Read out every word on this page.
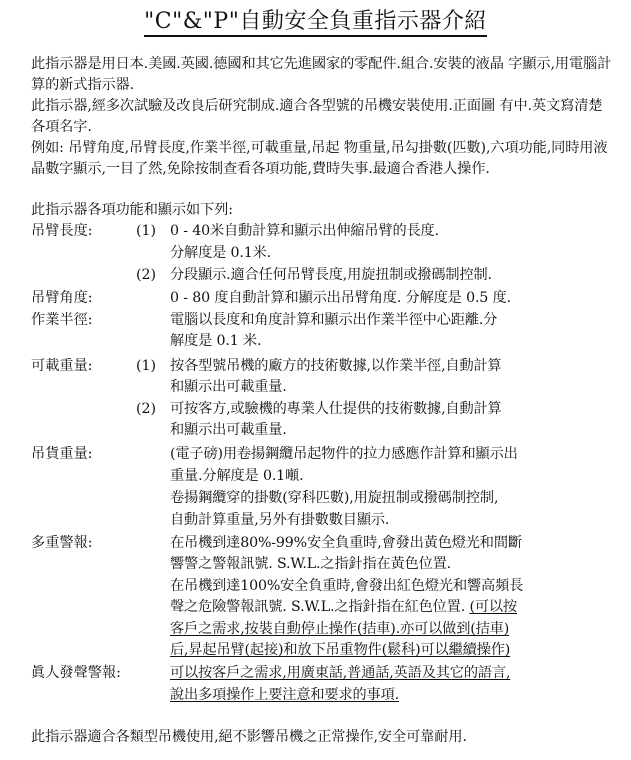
"C"&"P"自動安全負重指示器介紹
此指示器是用日本.美國.英國.德國和其它先進國家的零配件.組合.安裝的液晶 字顯示,用電腦計算的新式指示器.
此指示器,經多次試驗及改良后研究制成.適合各型號的吊機安裝使用.正面圖 有中.英文寫清楚各項名字.
例如: 吊臂角度,吊臂長度,作業半徑,可載重量,吊起 物重量,吊勾掛數(匹數),六項功能,同時用液晶數字顯示,一目了然,免除按制查看各項功能,費時失事.最適合香港人操作.
此指示器各項功能和顯示如下列:
吊臂長度:	(1) 0 - 40米自動計算和顯示出伸縮吊臂的長度.
分解度是 0.1米.
(2) 分段顯示.適合任何吊臂長度,用旋扭制或撥碼制控制.
吊臂角度:	0 - 80 度自動計算和顯示出吊臂角度. 分解度是 0.5 度.
作業半徑:	電腦以長度和角度計算和顯示出作業半徑中心距離.分
解度是 0.1 米.
可載重量:	(1) 按各型號吊機的廠方的技術數據,以作業半徑,自動計算
和顯示出可載重量.
(2) 可按客方,或驗機的專業人仕提供的技術數據,自動計算
和顯示出可載重量.
吊貨重量:	(電子磅)用卷揚鋼纜吊起物件的拉力感應作計算和顯示出
重量.分解度是 0.1噸.
卷揚鋼纜穿的掛數(穿科匹數),用旋扭制或撥碼制控制,
自動計算重量,另外有掛數數目顯示.
多重警報:	在吊機到達80%-99%安全負重時,會發出黃色燈光和間斷
響警之警報訊號. S.W.L.之指針指在黃色位置.
在吊機到達100%安全負重時,會發出紅色燈光和響高頻長
聲之危險警報訊號. S.W.L.之指針指在紅色位置. (可以按
客戶之需求,按裝自動停止操作(拮車).亦可以做到(拮車)
后,昇起吊臂(起接)和放下吊重物件(鬆科)可以繼續操作)
眞人發聲警報:	可以按客戶之需求,用廣東話,普通話,英語及其它的語言,
說出多項操作上要注意和要求的事項.
此指示器適合各類型吊機使用,絕不影響吊機之正常操作,安全可靠耐用.
